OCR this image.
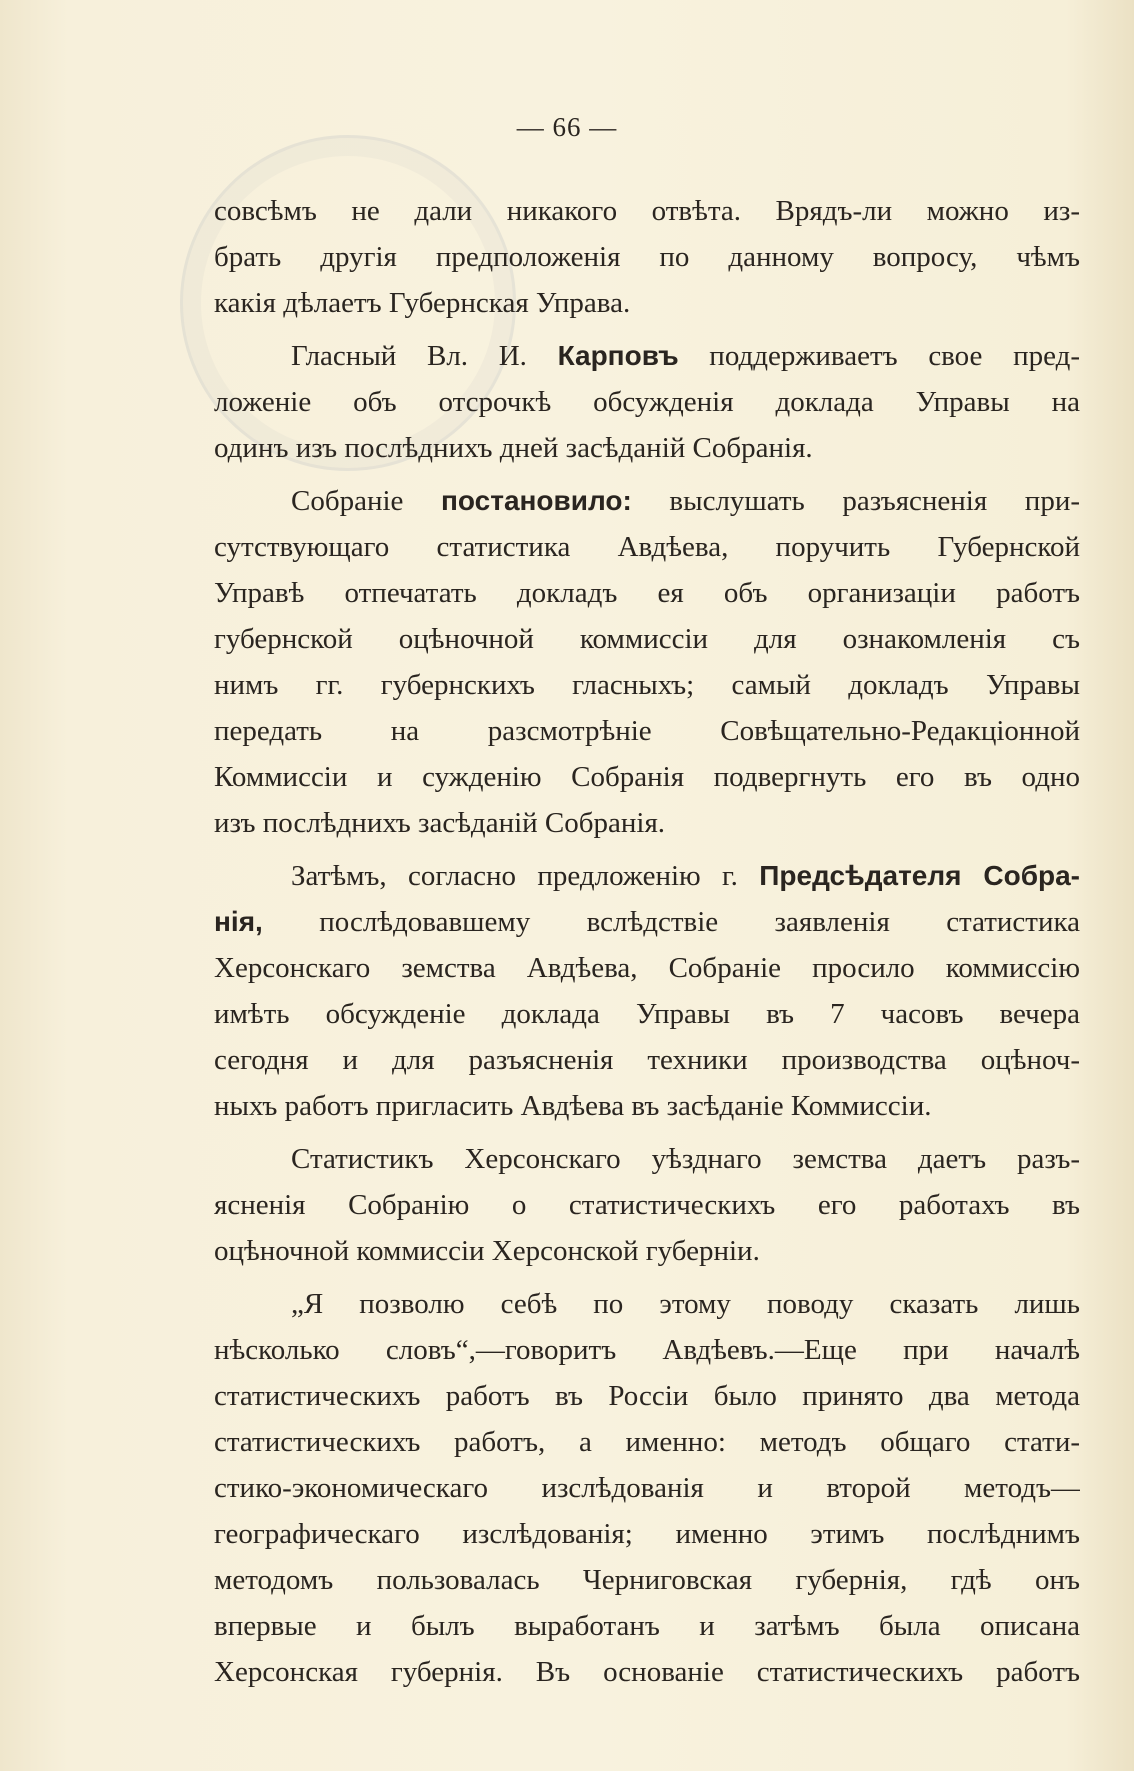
— 66 —

совсѣмъ не дали никакого отвѣта. Врядъ-ли можно из-
брать другія предположенія по данному вопросу, чѣмъ
какія дѣлаетъ Губернская Управа.
Гласный Вл. И. Карповъ поддерживаетъ свое пред-
ложеніе объ отсрочкѣ обсужденія доклада Управы на
одинъ изъ послѣднихъ дней засѣданій Собранія.
Собраніе постановило: выслушать разъясненія при-
сутствующаго статистика Авдѣева, поручить Губернской
Управѣ отпечатать докладъ ея объ организаціи работъ
губернской оцѣночной коммиссіи для ознакомленія съ
нимъ гг. губернскихъ гласныхъ; самый докладъ Управы
передать на разсмотрѣніе Совѣщательно-Редакціонной
Коммиссіи и сужденію Собранія подвергнуть его въ одно
изъ послѣднихъ засѣданій Собранія.
Затѣмъ, согласно предложенію г. Предсѣдателя Собра-
нія, послѣдовавшему вслѣдствіе заявленія статистика
Херсонскаго земства Авдѣева, Собраніе просило коммиссію
имѣть обсужденіе доклада Управы въ 7 часовъ вечера
сегодня и для разъясненія техники производства оцѣноч-
ныхъ работъ пригласить Авдѣева въ засѣданіе Коммиссіи.
Статистикъ Херсонскаго уѣзднаго земства даетъ разъ-
ясненія Собранію о статистическихъ его работахъ въ
оцѣночной коммиссіи Херсонской губерніи.
„Я позволю себѣ по этому поводу сказать лишь
нѣсколько словъ“,—говоритъ Авдѣевъ.—Еще при началѣ
статистическихъ работъ въ Россіи было принято два метода
статистическихъ работъ, а именно: методъ общаго стати-
стико-экономическаго изслѣдованія и второй методъ—
географическаго изслѣдованія; именно этимъ послѣднимъ
методомъ пользовалась Черниговская губернія, гдѣ онъ
впервые и былъ выработанъ и затѣмъ была описана
Херсонская губернія. Въ основаніе статистическихъ работъ
